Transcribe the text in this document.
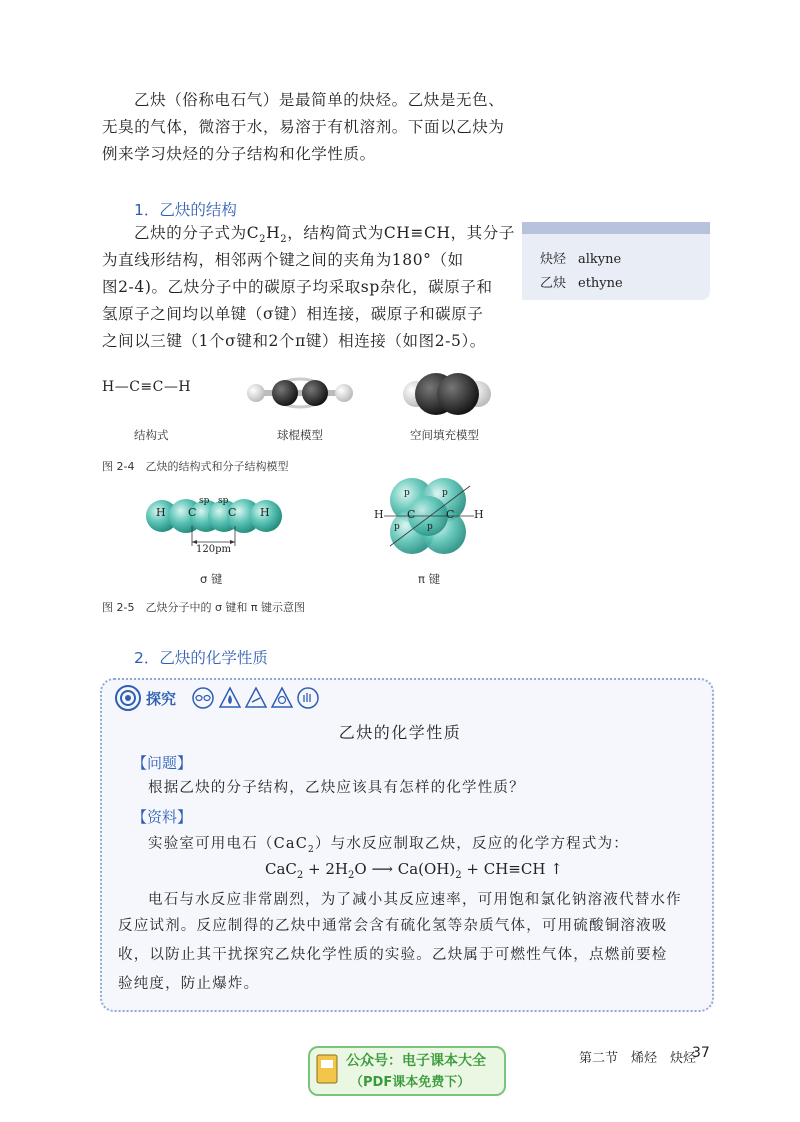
乙炔（俗称电石气）是最简单的炔烃。乙炔是无色、
无臭的气体，微溶于水，易溶于有机溶剂。下面以乙炔为
例来学习炔烃的分子结构和化学性质。
1．乙炔的结构
乙炔的分子式为$C_2H_2$，结构简式为CH≡CH，其分子
为直线形结构，相邻两个键之间的夹角为180°（如
图2-4)。乙炔分子中的碳原子均采取sp杂化，碳原子和
氢原子之间均以单键（σ键）相连接，碳原子和碳原子
之间以三键（1个σ键和2个π键）相连接（如图2-5）。
炔烃 alkyne
乙炔 ethyne
H—C≡C—H
结构式	球棍模型	空间填充模型
图 2-4　乙炔的结构式和分子结构模型
H C	C H
sp sp
120pm
σ 键
H C	C H
p	p
p	p
π 键
图 2-5　乙炔分子中的 σ 键和 π 键示意图
2．乙炔的化学性质
探究
乙炔的化学性质
【问题】
根据乙炔的分子结构，乙炔应该具有怎样的化学性质？
【资料】
实验室可用电石（CaC$_2$）与水反应制取乙炔，反应的化学方程式为：
$CaC_2 + 2H_2O$ ⟶ $Ca(OH)_2 + CH\equiv CH$ ↑
电石与水反应非常剧烈，为了减小其反应速率，可用饱和氯化钠溶液代替水作
反应试剂。反应制得的乙炔中通常会含有硫化氢等杂质气体，可用硫酸铜溶液吸
收，以防止其干扰探究乙炔化学性质的实验。乙炔属于可燃性气体，点燃前要检
验纯度，防止爆炸。
公众号：电子课本大全
（PDF课本免费下）
第二节　烯烃　炔烃
37
